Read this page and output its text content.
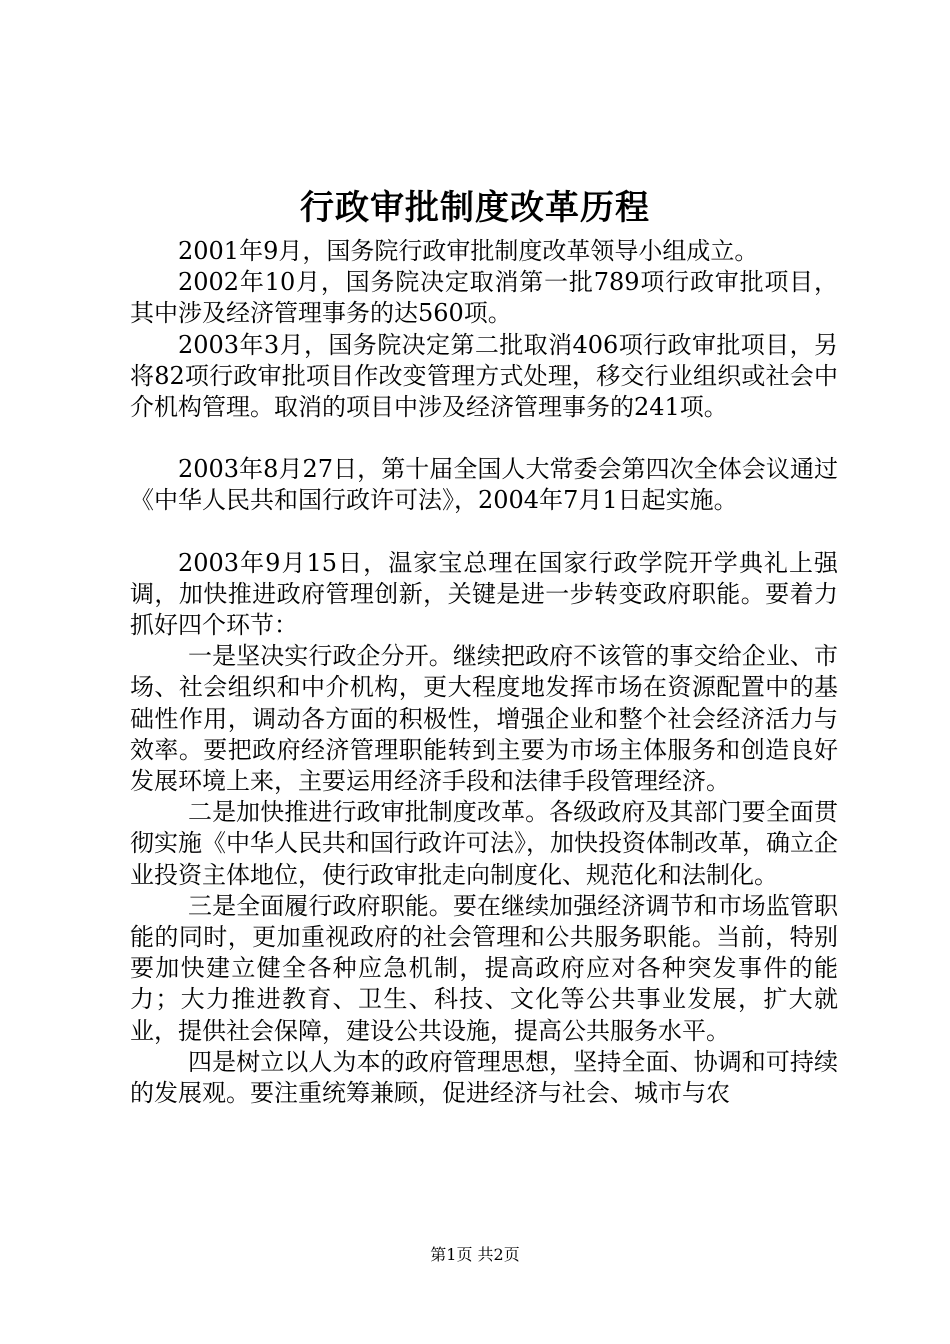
行政审批制度改革历程

2001年9月，国务院行政审批制度改革领导小组成立。

2002年10月，国务院决定取消第一批789项行政审批项目，其中涉及经济管理事务的达560项。

2003年3月，国务院决定第二批取消406项行政审批项目，另将82项行政审批项目作改变管理方式处理，移交行业组织或社会中介机构管理。取消的项目中涉及经济管理事务的241项。

2003年8月27日，第十届全国人大常委会第四次全体会议通过《中华人民共和国行政许可法》，2004年7月1日起实施。

2003年9月15日，温家宝总理在国家行政学院开学典礼上强调，加快推进政府管理创新，关键是进一步转变政府职能。要着力抓好四个环节：

一是坚决实行政企分开。继续把政府不该管的事交给企业、市场、社会组织和中介机构，更大程度地发挥市场在资源配置中的基础性作用，调动各方面的积极性，增强企业和整个社会经济活力与效率。要把政府经济管理职能转到主要为市场主体服务和创造良好发展环境上来，主要运用经济手段和法律手段管理经济。

二是加快推进行政审批制度改革。各级政府及其部门要全面贯彻实施《中华人民共和国行政许可法》，加快投资体制改革，确立企业投资主体地位，使行政审批走向制度化、规范化和法制化。

三是全面履行政府职能。要在继续加强经济调节和市场监管职能的同时，更加重视政府的社会管理和公共服务职能。当前，特别要加快建立健全各种应急机制，提高政府应对各种突发事件的能力；大力推进教育、卫生、科技、文化等公共事业发展，扩大就业，提供社会保障，建设公共设施，提高公共服务水平。

四是树立以人为本的政府管理思想，坚持全面、协调和可持续的发展观。要注重统筹兼顾，促进经济与社会、城市与农

第1页 共2页
